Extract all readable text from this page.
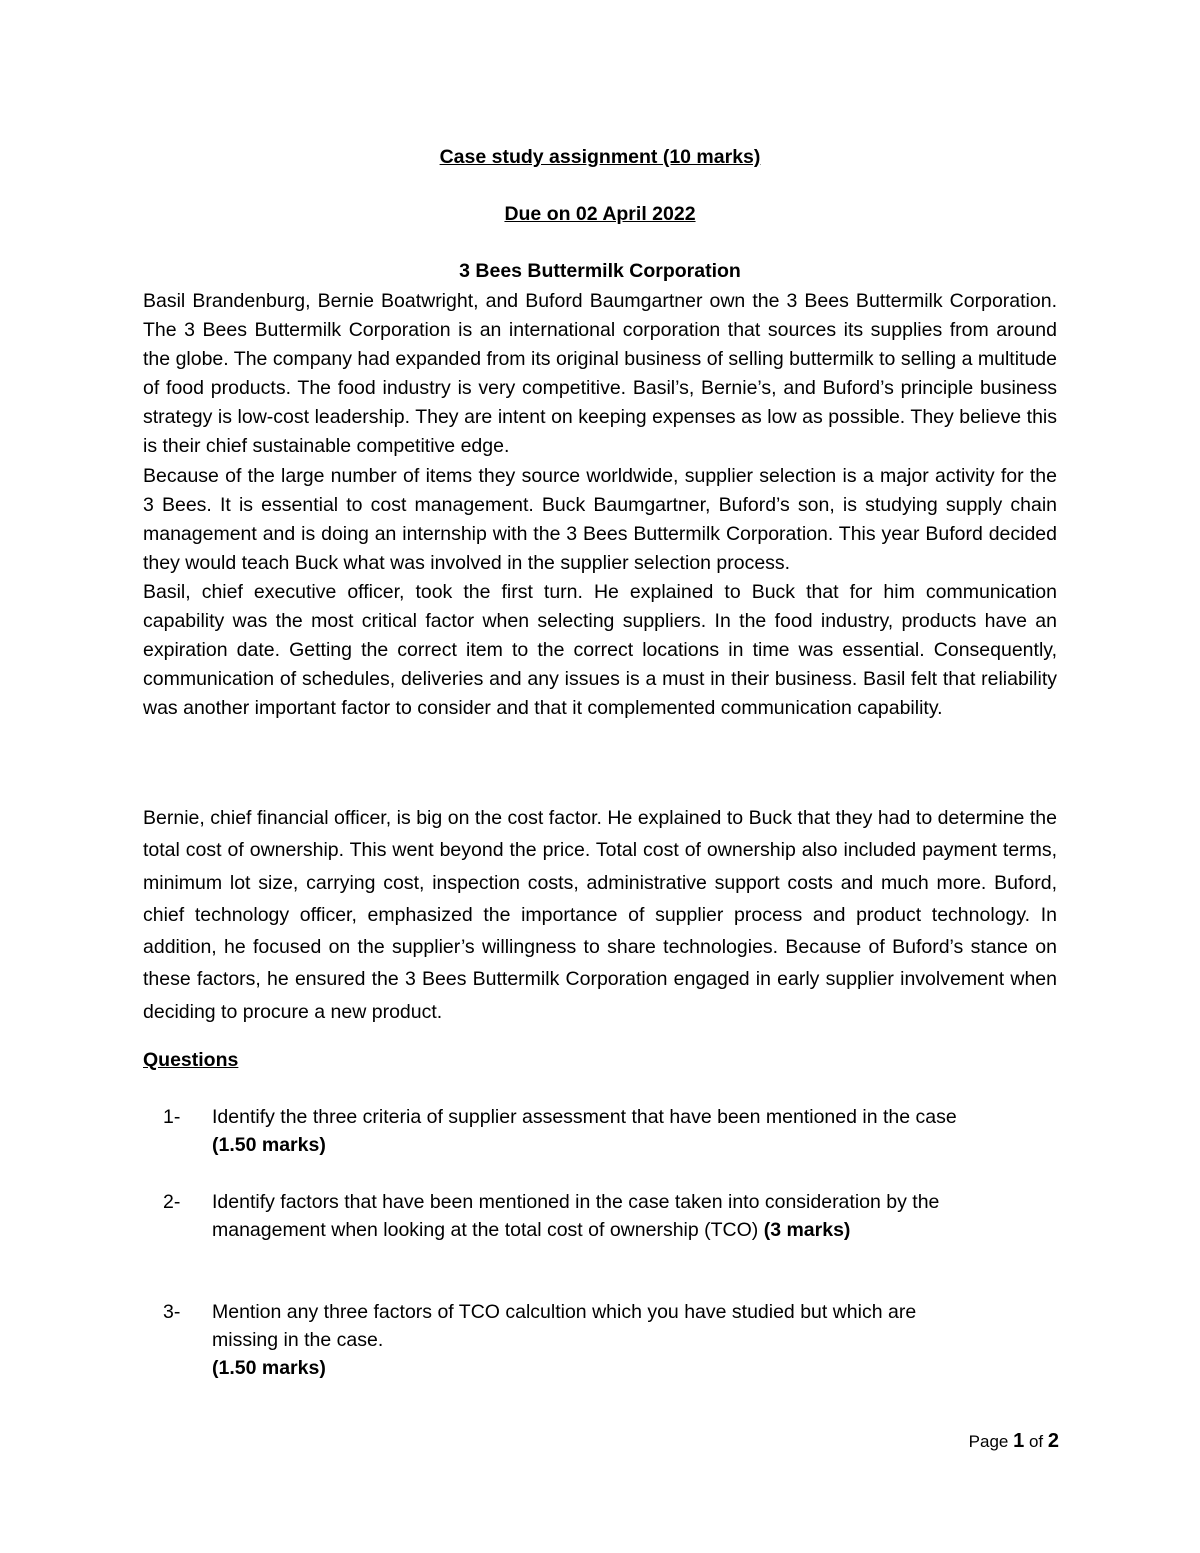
Case study assignment (10 marks)
Due on 02 April 2022
3 Bees Buttermilk Corporation

Basil Brandenburg, Bernie Boatwright, and Buford Baumgartner own the 3 Bees Buttermilk Corporation. The 3 Bees Buttermilk Corporation is an international corporation that sources its supplies from around the globe. The company had expanded from its original business of selling buttermilk to selling a multitude of food products. The food industry is very competitive. Basil’s, Bernie’s, and Buford’s principle business strategy is low-cost leadership. They are intent on keeping expenses as low as possible. They believe this is their chief sustainable competitive edge.

Because of the large number of items they source worldwide, supplier selection is a major activity for the 3 Bees. It is essential to cost management. Buck Baumgartner, Buford’s son, is studying supply chain management and is doing an internship with the 3 Bees Buttermilk Corporation. This year Buford decided they would teach Buck what was involved in the supplier selection process.

Basil, chief executive officer, took the first turn. He explained to Buck that for him communication capability was the most critical factor when selecting suppliers. In the food industry, products have an expiration date. Getting the correct item to the correct locations in time was essential. Consequently, communication of schedules, deliveries and any issues is a must in their business. Basil felt that reliability was another important factor to consider and that it complemented communication capability.

Bernie, chief financial officer, is big on the cost factor. He explained to Buck that they had to determine the total cost of ownership. This went beyond the price. Total cost of ownership also included payment terms, minimum lot size, carrying cost, inspection costs, administrative support costs and much more. Buford, chief technology officer, emphasized the importance of supplier process and product technology. In addition, he focused on the supplier’s willingness to share technologies. Because of Buford’s stance on these factors, he ensured the 3 Bees Buttermilk Corporation engaged in early supplier involvement when deciding to procure a new product.

Questions
1- Identify the three criteria of supplier assessment that have been mentioned in the case
(1.50 marks)
2- Identify factors that have been mentioned in the case taken into consideration by the
management when looking at the total cost of ownership (TCO) (3 marks)
3- Mention any three factors of TCO calcultion which you have studied but which are
missing in the case.
(1.50 marks)
Page 1 of 2
